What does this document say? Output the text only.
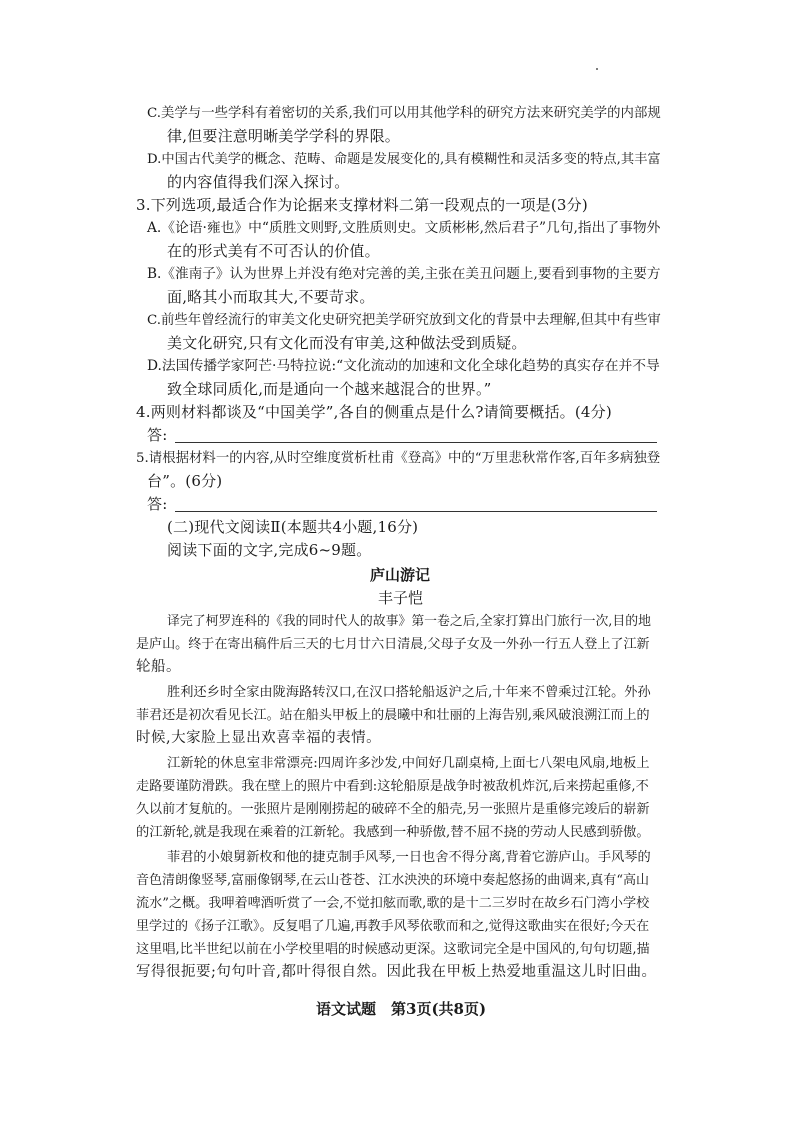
C.美学与一些学科有着密切的关系,我们可以用其他学科的研究方法来研究美学的内部规
律,但要注意明晰美学学科的界限。
D.中国古代美学的概念、范畴、命题是发展变化的,具有模糊性和灵活多变的特点,其丰富
的内容值得我们深入探讨。
3.下列选项,最适合作为论据来支撑材料二第一段观点的一项是(3分)
A.《论语·雍也》中“质胜文则野,文胜质则史。文质彬彬,然后君子”几句,指出了事物外
在的形式美有不可否认的价值。
B.《淮南子》认为世界上并没有绝对完善的美,主张在美丑问题上,要看到事物的主要方
面,略其小而取其大,不要苛求。
C.前些年曾经流行的审美文化史研究把美学研究放到文化的背景中去理解,但其中有些审
美文化研究,只有文化而没有审美,这种做法受到质疑。
D.法国传播学家阿芒·马特拉说:“文化流动的加速和文化全球化趋势的真实存在并不导
致全球同质化,而是通向一个越来越混合的世界。”
4.两则材料都谈及“中国美学”,各自的侧重点是什么?请简要概括。(4分)
答:
5.请根据材料一的内容,从时空维度赏析杜甫《登高》中的“万里悲秋常作客,百年多病独登
台”。(6分)
答:
(二)现代文阅读Ⅱ(本题共4小题,16分)
阅读下面的文字,完成6~9题。
庐山游记
丰子恺
译完了柯罗连科的《我的同时代人的故事》第一卷之后,全家打算出门旅行一次,目的地
是庐山。终于在寄出稿件后三天的七月廿六日清晨,父母子女及一外孙一行五人登上了江新
轮船。
胜利还乡时全家由陇海路转汉口,在汉口搭轮船返沪之后,十年来不曾乘过江轮。外孙
菲君还是初次看见长江。站在船头甲板上的晨曦中和壮丽的上海告别,乘风破浪溯江而上的
时候,大家脸上显出欢喜幸福的表情。
江新轮的休息室非常漂亮:四周许多沙发,中间好几副桌椅,上面七八架电风扇,地板上
走路要谨防滑跌。我在壁上的照片中看到:这轮船原是战争时被敌机炸沉,后来捞起重修,不
久以前才复航的。一张照片是刚刚捞起的破碎不全的船壳,另一张照片是重修完竣后的崭新
的江新轮,就是我现在乘着的江新轮。我感到一种骄傲,替不屈不挠的劳动人民感到骄傲。
菲君的小娘舅新枚和他的捷克制手风琴,一日也舍不得分离,背着它游庐山。手风琴的
音色清朗像竖琴,富丽像钢琴,在云山苍苍、江水泱泱的环境中奏起悠扬的曲调来,真有“高山
流水”之概。我呷着啤酒听赏了一会,不觉扣舷而歌,歌的是十二三岁时在故乡石门湾小学校
里学过的《扬子江歌》。反复唱了几遍,再教手风琴依歌而和之,觉得这歌曲实在很好;今天在
这里唱,比半世纪以前在小学校里唱的时候感动更深。这歌词完全是中国风的,句句切题,描
写得很扼要;句句叶音,都叶得很自然。因此我在甲板上热爱地重温这儿时旧曲。
语文试题　第3页(共8页)
